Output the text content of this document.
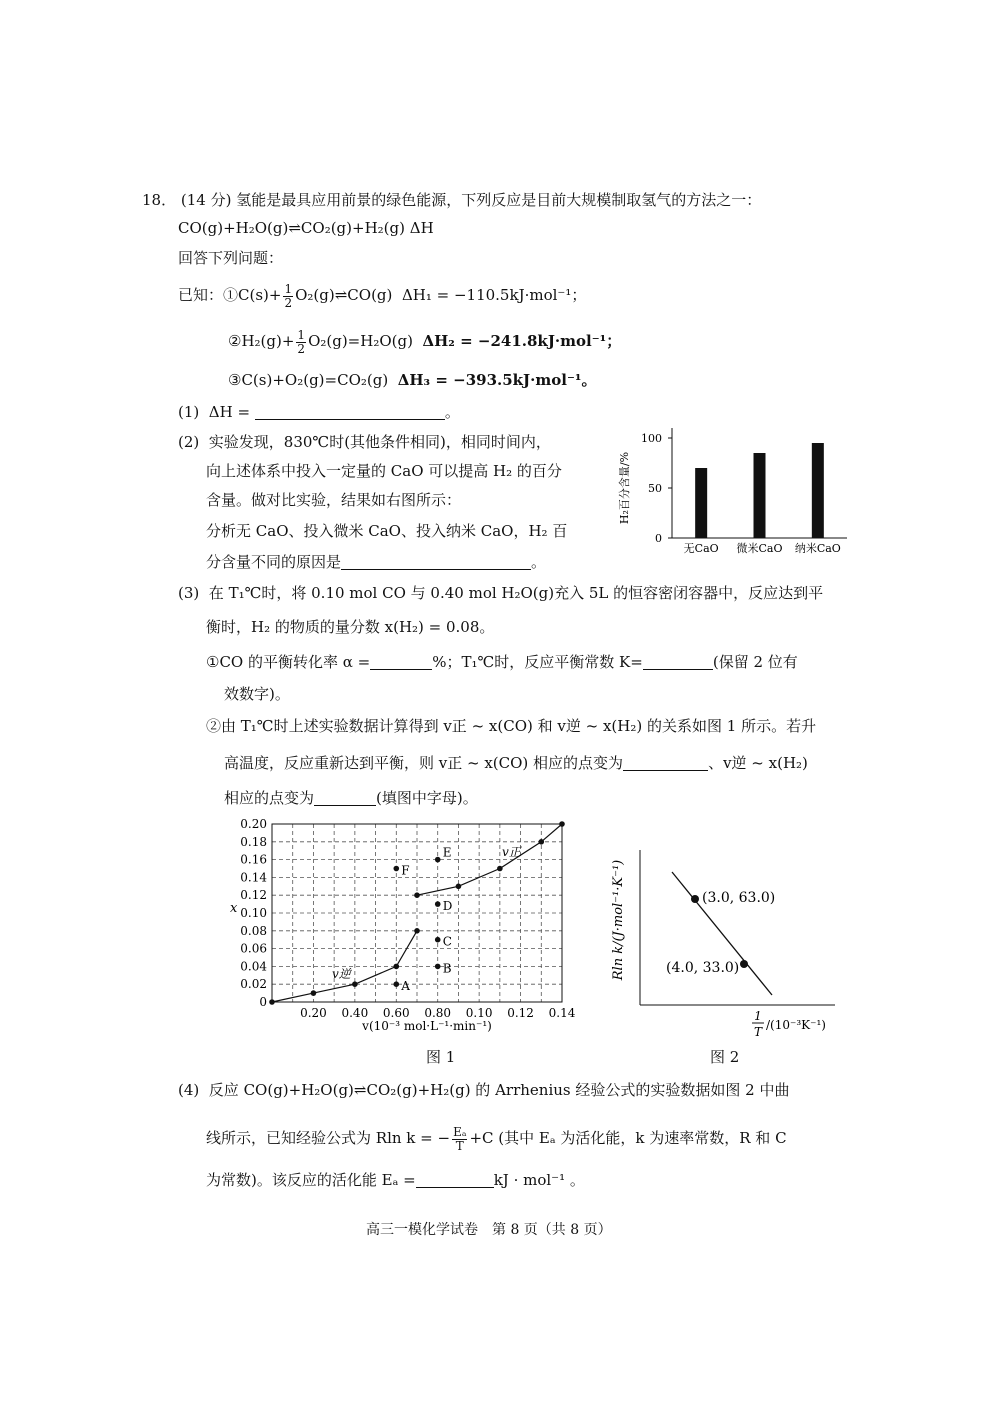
18． (14 分) 氢能是最具应用前景的绿色能源，下列反应是目前大规模制取氢气的方法之一：
CO(g)+H₂O(g)⇌CO₂(g)+H₂(g) ΔH
回答下列问题：
已知：①C(s)+ $\frac{1}{2}$ O₂(g)⇌CO(g) ΔH₁ = −110.5kJ·mol⁻¹；
②H₂(g)+ $\frac{1}{2} O_2(g)=H_2O(g) \Delta H_2 = -241.8kJ\cdot mol^{-1}$；
③C(s)+O₂(g)=CO₂(g) ΔH₃ = −393.5kJ·mol⁻¹。
(1) ΔH =	。
(2) 实验发现，830℃时(其他条件相同)，相同时间内，
向上述体系中投入一定量的 CaO 可以提高 H₂ 的百分
含量。做对比实验，结果如右图所示：
分析无 CaO、投入微米 CaO、投入纳米 CaO，H₂ 百
分含量不同的原因是	。
H₂百分含量/%
0
50
100
无CaO 微米CaO 纳米CaO
(3) 在 T₁℃时，将 0.10 mol CO 与 0.40 mol H₂O(g)充入 5L 的恒容密闭容器中，反应达到平
衡时，H₂ 的物质的量分数 x(H₂) = 0.08。
①CO 的平衡转化率 α =	%；T₁℃时，反应平衡常数 K=	(保留 2 位有
效数字)。
②由 T₁℃时上述实验数据计算得到 v正 ~ x(CO) 和 v逆 ~ x(H₂) 的关系如图 1 所示。若升
高温度，反应重新达到平衡，则 v正 ~ x(CO) 相应的点变为	、v逆 ~ x(H₂)
相应的点变为	(填图中字母)。
A
B
C
D
E
F
0
0.02
0.04
0.06
0.08
0.10
0.12
0.14
0.16
0.18
0.20
0.20 0.40 0.60 0.80 0.10 0.12 0.14
x
v(10⁻³ mol·L⁻¹·min⁻¹)
v正
v逆
图 1
Rln k/(J·mol⁻¹·K⁻¹)	(3.0, 63.0)
(4.0, 33.0)
1
T /(10⁻³K⁻¹)
图 2
(4) 反应 CO(g)+H₂O(g)⇌CO₂(g)+H₂(g) 的 Arrhenius 经验公式的实验数据如图 2 中曲
线所示，已知经验公式为 Rln k = − $\frac{\text{Eₐ}}{T} +C$ (其中 Eₐ 为活化能，k 为速率常数，R 和 C
为常数)。该反应的活化能 Eₐ =	kJ · mol⁻¹ 。
高三一模化学试卷　第 8 页（共 8 页）
